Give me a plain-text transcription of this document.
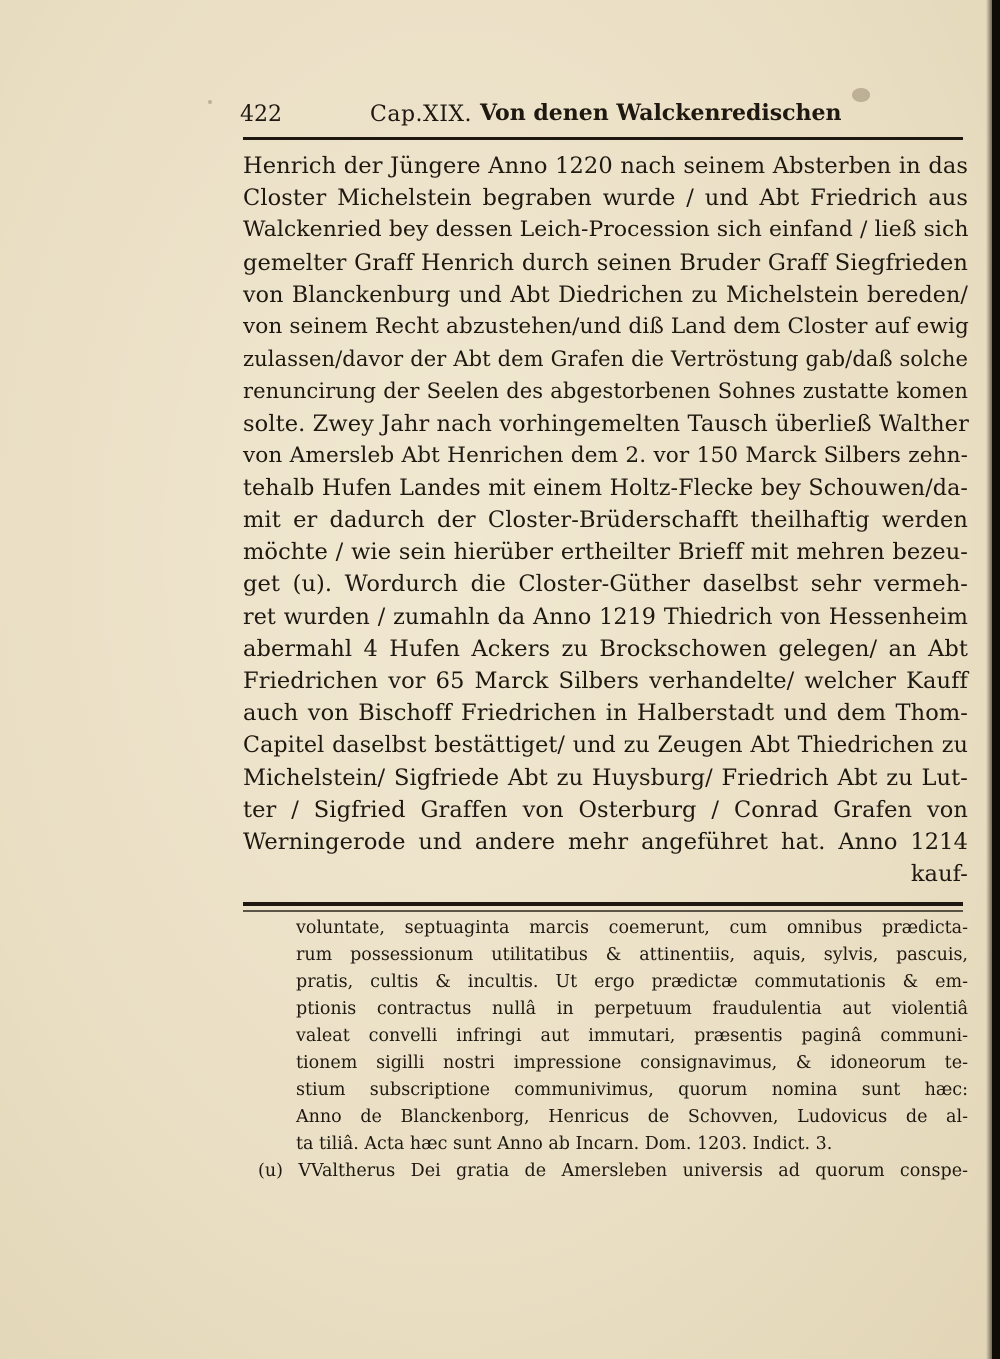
422	Cap.XIX. Von denen Walckenredischen
Henrich der Jüngere Anno 1220 nach seinem Absterben in das
Closter Michelstein begraben wurde / und Abt Friedrich aus
Walckenried bey dessen Leich-Procession sich einfand / ließ sich
gemelter Graff Henrich durch seinen Bruder Graff Siegfrieden
von Blanckenburg und Abt Diedrichen zu Michelstein bereden/
von seinem Recht abzustehen/und diß Land dem Closter auf ewig
zulassen/davor der Abt dem Grafen die Vertröstung gab/daß solche
renuncirung der Seelen des abgestorbenen Sohnes zustatte komen
solte. Zwey Jahr nach vorhingemelten Tausch überließ Walther
von Amersleb Abt Henrichen dem 2. vor 150 Marck Silbers zehn-
tehalb Hufen Landes mit einem Holtz-Flecke bey Schouwen/da-
mit er dadurch der Closter-Brüderschafft theilhaftig werden
möchte / wie sein hierüber ertheilter Brieff mit mehren bezeu-
get (u). Wordurch die Closter-Güther daselbst sehr vermeh-
ret wurden / zumahln da Anno 1219 Thiedrich von Hessenheim
abermahl 4 Hufen Ackers zu Brockschowen gelegen/ an Abt
Friedrichen vor 65 Marck Silbers verhandelte/ welcher Kauff
auch von Bischoff Friedrichen in Halberstadt und dem Thom-
Capitel daselbst bestättiget/ und zu Zeugen Abt Thiedrichen zu
Michelstein/ Sigfriede Abt zu Huysburg/ Friedrich Abt zu Lut-
ter / Sigfried Graffen von Osterburg / Conrad Grafen von
Werningerode und andere mehr angeführet hat. Anno 1214
kauf-
voluntate, septuaginta marcis coemerunt, cum omnibus prædicta-
rum possessionum utilitatibus & attinentiis, aquis, sylvis, pascuis,
pratis, cultis & incultis. Ut ergo prædictæ commutationis & em-
ptionis contractus nullâ in perpetuum fraudulentia aut violentiâ
valeat convelli infringi aut immutari, præsentis paginâ communi-
tionem sigilli nostri impressione consignavimus, & idoneorum te-
stium subscriptione communivimus, quorum nomina sunt hæc:
Anno de Blanckenborg, Henricus de Schovven, Ludovicus de al-
ta tiliâ. Acta hæc sunt Anno ab Incarn. Dom. 1203. Indict. 3.
(u) VValtherus Dei gratia de Amersleben universis ad quorum conspe-
